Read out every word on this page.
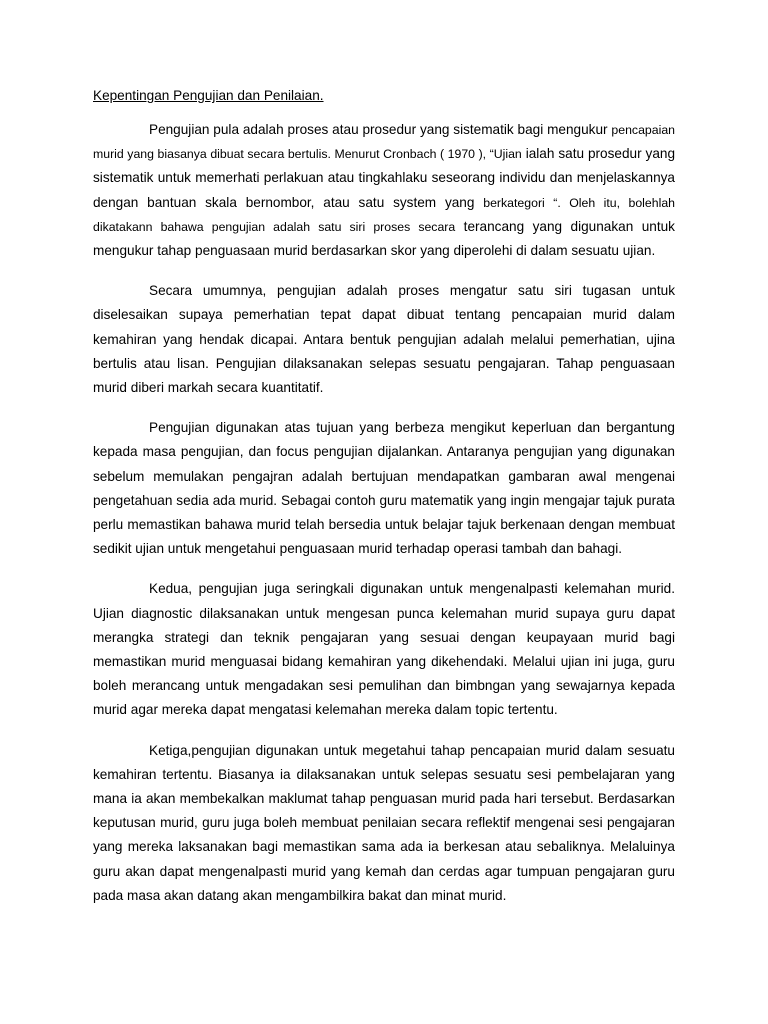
Kepentingan Pengujian dan Penilaian.

Pengujian pula adalah proses atau prosedur yang sistematik bagi mengukur pencapaian murid yang biasanya dibuat secara bertulis. Menurut Cronbach ( 1970 ), “Ujian ialah satu prosedur yang sistematik untuk memerhati perlakuan atau tingkahlaku seseorang individu dan menjelaskannya dengan bantuan skala bernombor, atau satu system yang berkategori “. Oleh itu, bolehlah dikatakann bahawa pengujian adalah satu siri proses secara terancang yang digunakan untuk mengukur tahap penguasaan murid berdasarkan skor yang diperolehi di dalam sesuatu ujian.

Secara umumnya, pengujian adalah proses mengatur satu siri tugasan untuk diselesaikan supaya pemerhatian tepat dapat dibuat tentang pencapaian murid dalam kemahiran yang hendak dicapai. Antara bentuk pengujian adalah melalui pemerhatian, ujina bertulis atau lisan. Pengujian dilaksanakan selepas sesuatu pengajaran. Tahap penguasaan murid diberi markah secara kuantitatif.

Pengujian digunakan atas tujuan yang berbeza mengikut keperluan dan bergantung kepada masa pengujian, dan focus pengujian dijalankan. Antaranya pengujian yang digunakan sebelum memulakan pengajran adalah bertujuan mendapatkan gambaran awal mengenai pengetahuan sedia ada murid. Sebagai contoh guru matematik yang ingin mengajar tajuk purata perlu memastikan bahawa murid telah bersedia untuk belajar tajuk berkenaan dengan membuat sedikit ujian untuk mengetahui penguasaan murid terhadap operasi tambah dan bahagi.

Kedua, pengujian juga seringkali digunakan untuk mengenalpasti kelemahan murid. Ujian diagnostic dilaksanakan untuk mengesan punca kelemahan murid supaya guru dapat merangka strategi dan teknik pengajaran yang sesuai dengan keupayaan murid bagi memastikan murid menguasai bidang kemahiran yang dikehendaki. Melalui ujian ini juga, guru boleh merancang untuk mengadakan sesi pemulihan dan bimbngan yang sewajarnya kepada murid agar mereka dapat mengatasi kelemahan mereka dalam topic tertentu.

Ketiga,pengujian digunakan untuk megetahui tahap pencapaian murid dalam sesuatu kemahiran tertentu. Biasanya ia dilaksanakan untuk selepas sesuatu sesi pembelajaran yang mana ia akan membekalkan maklumat tahap penguasan murid pada hari tersebut. Berdasarkan keputusan murid, guru juga boleh membuat penilaian secara reflektif mengenai sesi pengajaran yang mereka laksanakan bagi memastikan sama ada ia berkesan atau sebaliknya. Melaluinya guru akan dapat mengenalpasti murid yang kemah dan cerdas agar tumpuan pengajaran guru pada masa akan datang akan mengambilkira bakat dan minat murid.
